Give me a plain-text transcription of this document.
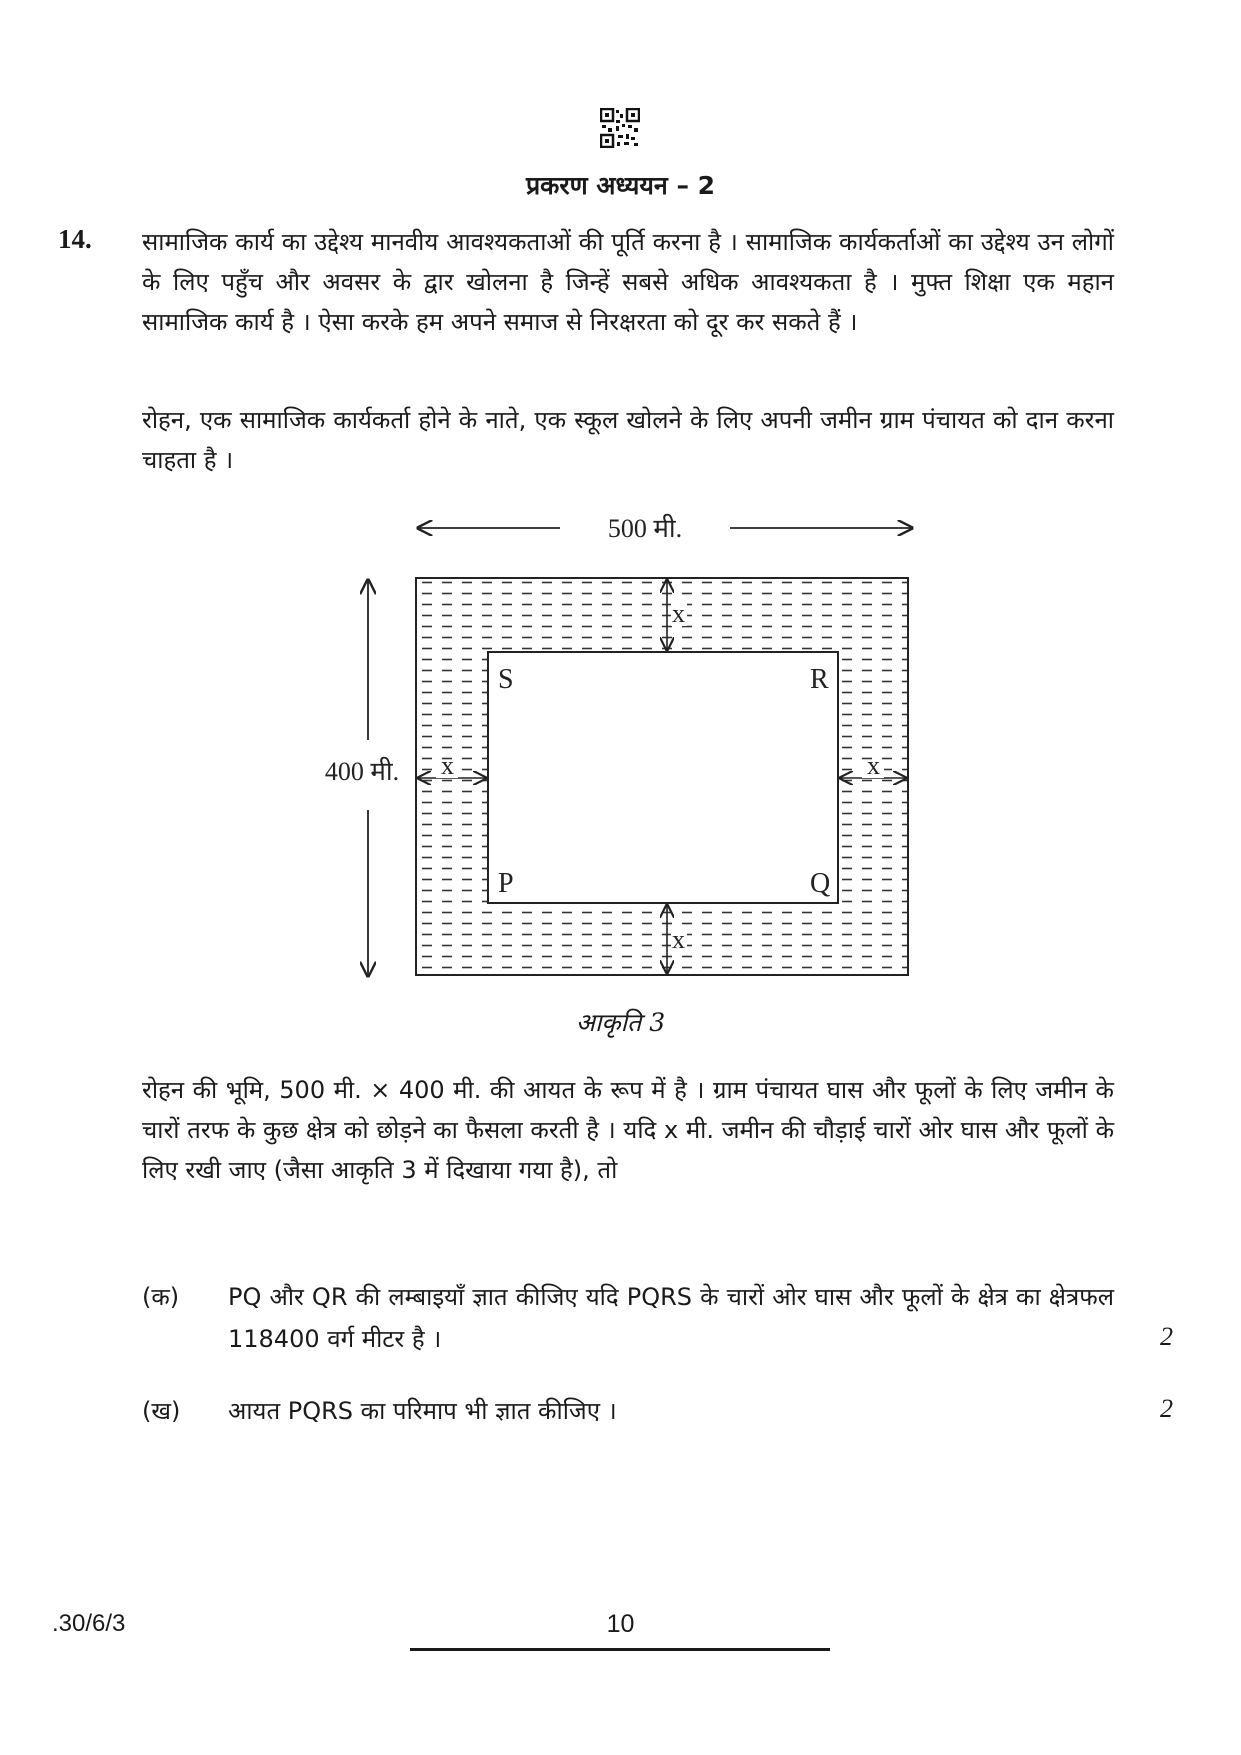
प्रकरण अध्ययन – 2
14. सामाजिक कार्य का उद्देश्य मानवीय आवश्यकताओं की पूर्ति करना है । सामाजिक कार्यकर्ताओं का उद्देश्य उन लोगों के लिए पहुँच और अवसर के द्वार खोलना है जिन्हें सबसे अधिक आवश्यकता है । मुफ्त शिक्षा एक महान सामाजिक कार्य है । ऐसा करके हम अपने समाज से निरक्षरता को दूर कर सकते हैं ।
रोहन, एक सामाजिक कार्यकर्ता होने के नाते, एक स्कूल खोलने के लिए अपनी जमीन ग्राम पंचायत को दान करना चाहता है ।
500 मी.
400 मी.
x
x
x	x
S	R
P	Q
आकृति 3
रोहन की भूमि, 500 मी. × 400 मी. की आयत के रूप में है । ग्राम पंचायत घास और फूलों के लिए जमीन के चारों तरफ के कुछ क्षेत्र को छोड़ने का फैसला करती है । यदि x मी. जमीन की चौड़ाई चारों ओर घास और फूलों के लिए रखी जाए (जैसा आकृति 3 में दिखाया गया है), तो
(क) PQ और QR की लम्बाइयाँ ज्ञात कीजिए यदि PQRS के चारों ओर घास और फूलों के क्षेत्र का क्षेत्रफल 118400 वर्ग मीटर है ।	2
(ख) आयत PQRS का परिमाप भी ज्ञात कीजिए ।	2
.30/6/3	10
